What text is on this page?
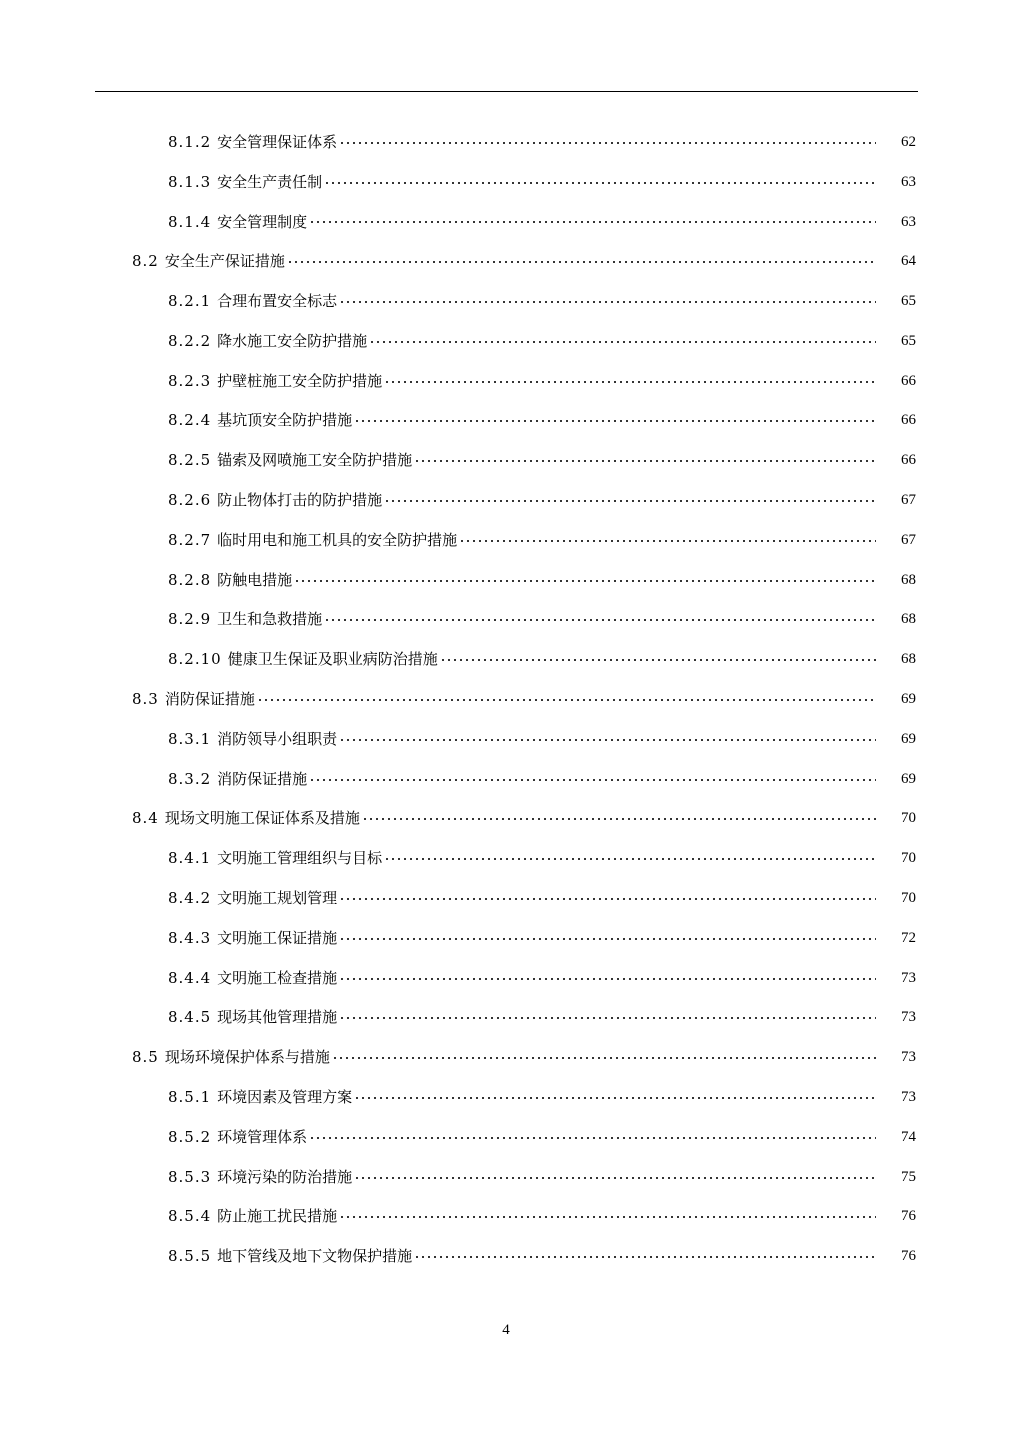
8.1.2 安全管理保证体系	62
8.1.3 安全生产责任制	63
8.1.4 安全管理制度	63
8.2 安全生产保证措施	64
8.2.1 合理布置安全标志	65
8.2.2 降水施工安全防护措施	65
8.2.3 护壁桩施工安全防护措施	66
8.2.4 基坑顶安全防护措施	66
8.2.5 锚索及网喷施工安全防护措施	66
8.2.6 防止物体打击的防护措施	67
8.2.7 临时用电和施工机具的安全防护措施	67
8.2.8 防触电措施	68
8.2.9 卫生和急救措施	68
8.2.10 健康卫生保证及职业病防治措施	68
8.3 消防保证措施	69
8.3.1 消防领导小组职责	69
8.3.2 消防保证措施	69
8.4 现场文明施工保证体系及措施	70
8.4.1 文明施工管理组织与目标	70
8.4.2 文明施工规划管理	70
8.4.3 文明施工保证措施	72
8.4.4 文明施工检查措施	73
8.4.5 现场其他管理措施	73
8.5 现场环境保护体系与措施	73
8.5.1 环境因素及管理方案	73
8.5.2 环境管理体系	74
8.5.3 环境污染的防治措施	75
8.5.4 防止施工扰民措施	76
8.5.5 地下管线及地下文物保护措施	76
4
